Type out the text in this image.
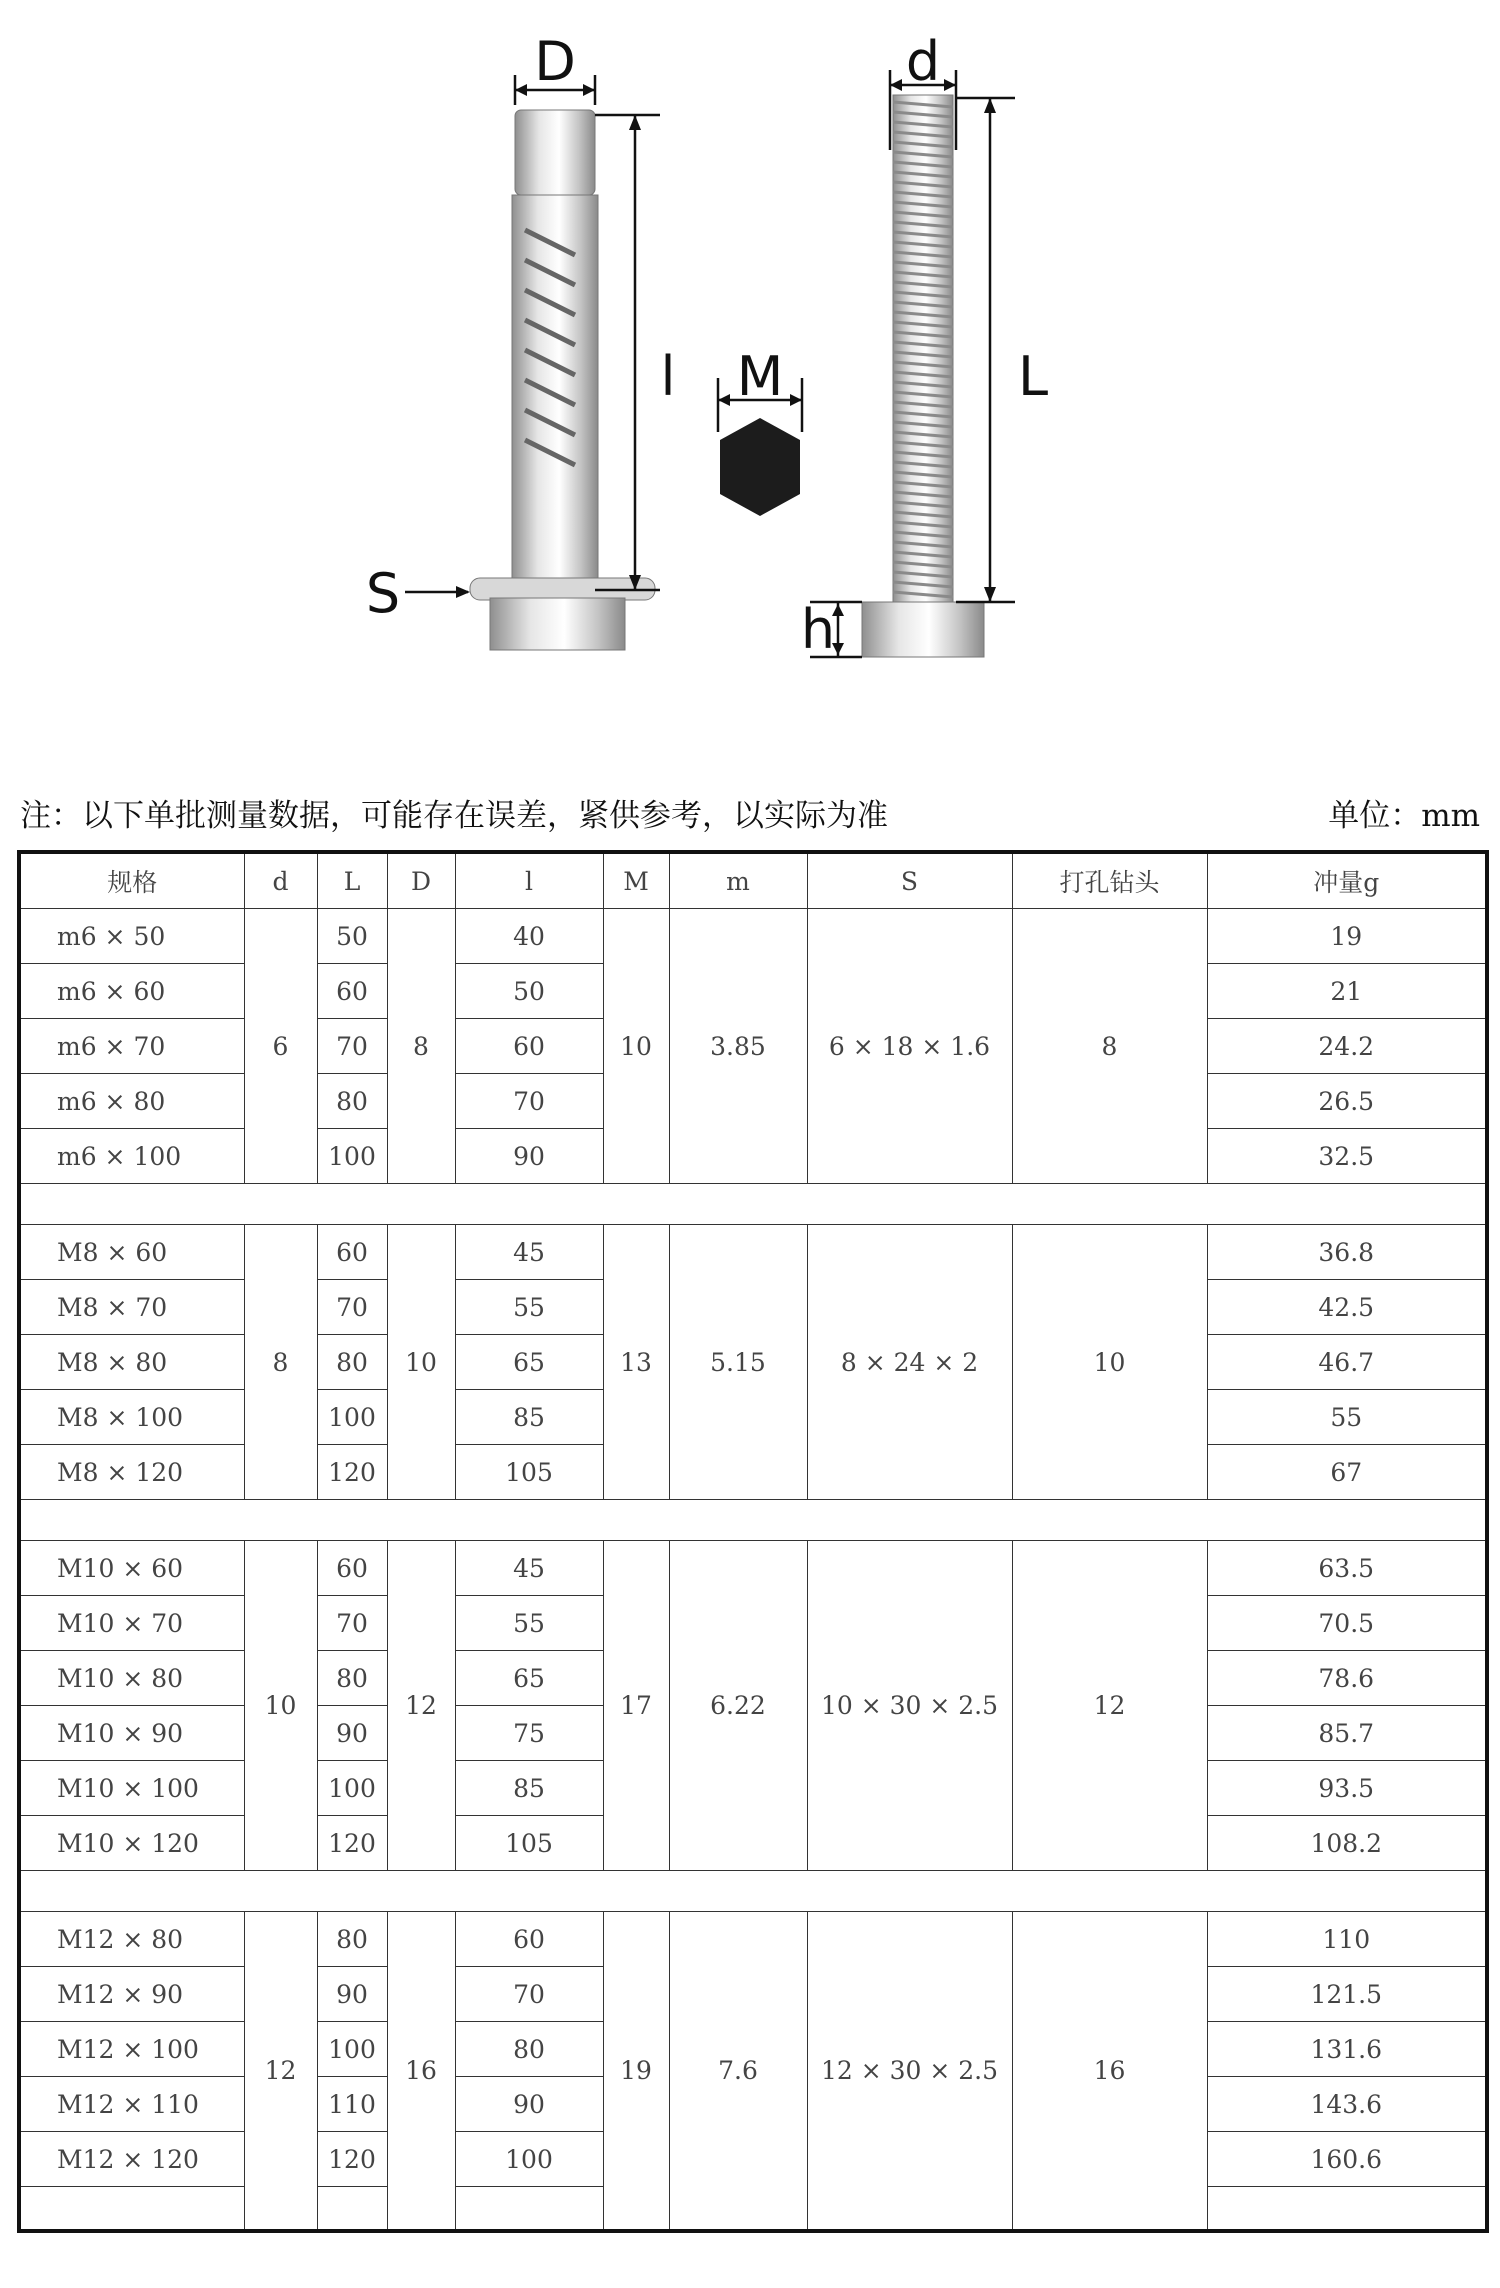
D
l
S
M
d
L
h
注：以下单批测量数据，可能存在误差，紧供参考，以实际为准	单位：mm
规格	d	L	D	l	M	m	S	打孔钻头	冲量g
m6 × 50	6	50	8	40	10	3.85	6 × 18 × 1.6	8	19
m6 × 60		60		50					21
m6 × 70		70		60					24.2
m6 × 80		80		70					26.5
m6 × 100		100		90					32.5

M8 × 60	8	60	10	45	13	5.15	8 × 24 × 2	10	36.8
M8 × 70		70		55					42.5
M8 × 80		80		65					46.7
M8 × 100		100		85					55
M8 × 120		120		105					67

M10 × 60	10	60	12	45	17	6.22	10 × 30 × 2.5	12	63.5
M10 × 70		70		55					70.5
M10 × 80		80		65					78.6
M10 × 90		90		75					85.7
M10 × 100		100		85					93.5
M10 × 120		120		105					108.2

M12 × 80	12	80	16	60	19	7.6	12 × 30 × 2.5	16	110
M12 × 90		90		70					121.5
M12 × 100		100		80					131.6
M12 × 110		110		90					143.6
M12 × 120		120		100					160.6
